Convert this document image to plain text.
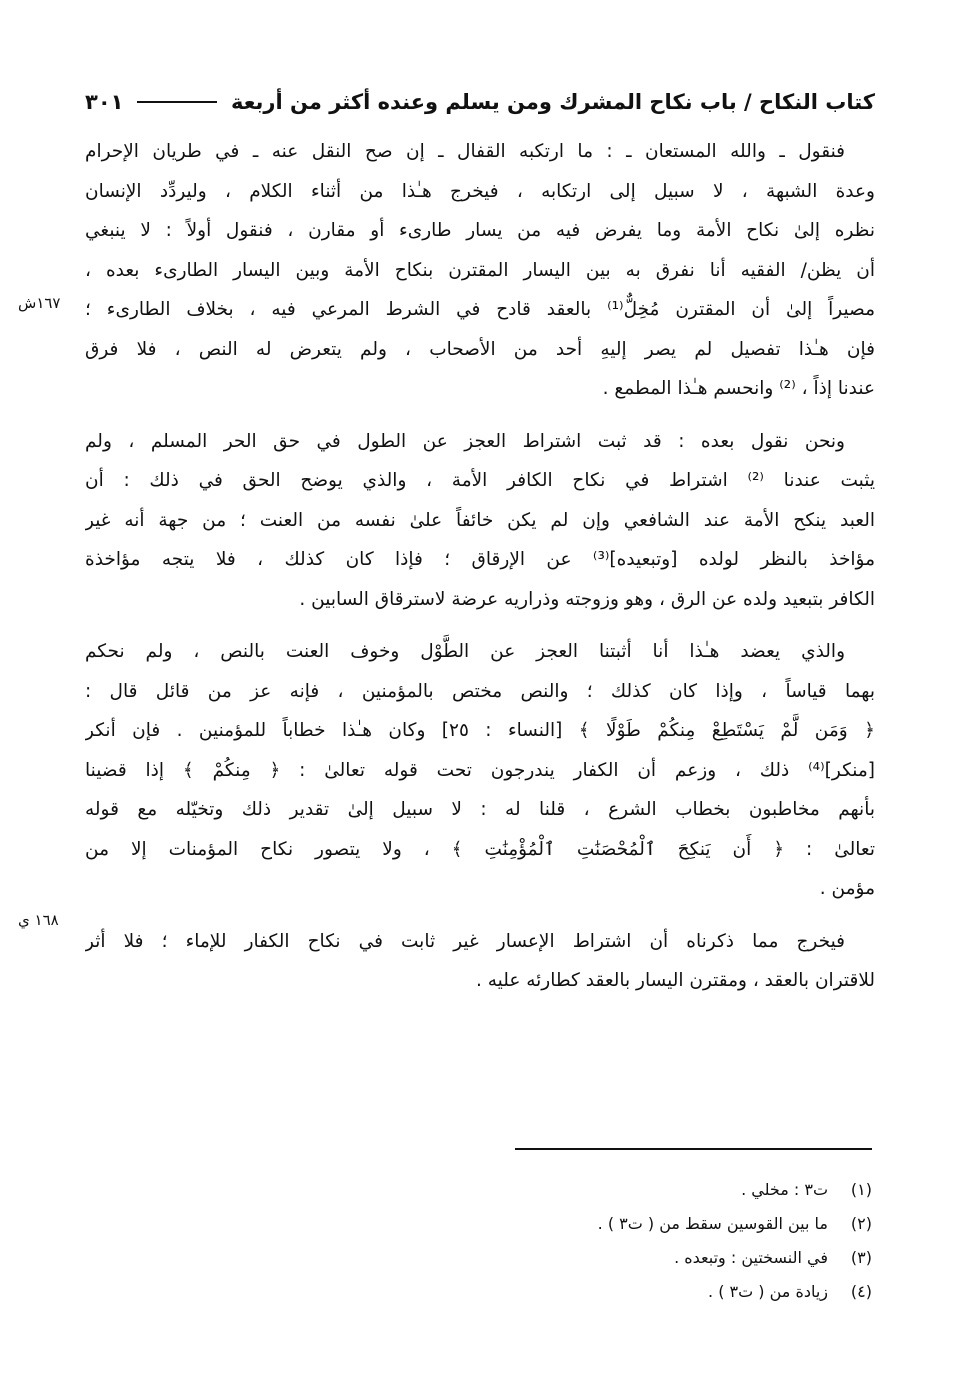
كتاب النكاح / باب نكاح المشرك ومن يسلم وعنده أكثر من أربعة
٣٠١
فنقول ـ والله المستعان ـ : ما ارتكبه القفال ـ إن صح النقل عنه ـ في طريان الإحرام
وعدة الشبهة ، لا سبيل إلى ارتكابه ، فيخرج هـٰذا من أثناء الكلام ، وليردِّد الإنسان
نظره إلىٰ نكاح الأمة وما يفرض فيه من يسار طارىء أو مقارن ، فنقول أولاً : لا ينبغي
أن يظن/ الفقيه أنا نفرق به بين اليسار المقترن بنكاح الأمة وبين اليسار الطارىء بعده ،
مصيراً إلىٰ أن المقترن مُخِلٌّ⁽¹⁾ بالعقد قادح في الشرط المرعي فيه ، بخلاف الطارىء ؛
فإن هـٰذا تفصيل لم يصر إليهِ أحد من الأصحاب ، ولم يتعرض له النص ، فلا فرق
عندنا إذاً ، ⁽²⁾ وانحسم هـٰذا المطمع .
ونحن نقول بعده : قد ثبت اشتراط العجز عن الطول في حق الحر المسلم ، ولم
يثبت عندنا ⁽²⁾ اشتراط في نكاح الكافر الأمة ، والذي يوضح الحق في ذلك : أن
العبد ينكح الأمة عند الشافعي وإن لم يكن خائفاً علىٰ نفسه من العنت ؛ من جهة أنه غير
مؤاخذ بالنظر لولده [وتبعيده]⁽³⁾ عن الإرقاق ؛ فإذا كان كذلك ، فلا يتجه مؤاخذة
الكافر بتبعيد ولده عن الرق ، وهو وزوجته وذراريه عرضة لاسترقاق السابين .
والذي يعضد هـٰذا أنا أثبتنا العجز عن الطَّوْل وخوف العنت بالنص ، ولم نحكم
بهما قياساً ، وإذا كان كذلك ؛ والنص مختص بالمؤمنين ، فإنه عز من قائل قال :
﴿ وَمَن لَّمْ يَسْتَطِعْ مِنكُمْ طَوْلًا ﴾ [النساء : ٢٥] وكان هـٰذا خطاباً للمؤمنين . فإن أنكر
[منكر]⁽⁴⁾ ذلك ، وزعم أن الكفار يندرجون تحت قوله تعالىٰ : ﴿ مِنكُمْ ﴾ إذا قضينا
بأنهم مخاطبون بخطاب الشرع ، قلنا له : لا سبيل إلىٰ تقدير ذلك وتخيّله مع قوله
تعالىٰ : ﴿ أَن يَنكِحَ ٱلْمُحْصَنَٰتِ ٱلْمُؤْمِنَٰتِ ﴾ ، ولا يتصور نكاح المؤمنات إلا من
مؤمن .
فيخرج مما ذكرناه أن اشتراط الإعسار غير ثابت في نكاح الكفار للإماء ؛ فلا أثر
للاقتران بالعقد ، ومقترن اليسار بالعقد كطارئه عليه .
١٦٧ش
١٦٨ ي
(١)
ت٣ : مخلي .
(٢)
ما بين القوسين سقط من ( ت٣ ) .
(٣)
في النسختين : وتبعده .
(٤)
زيادة من ( ت٣ ) .
